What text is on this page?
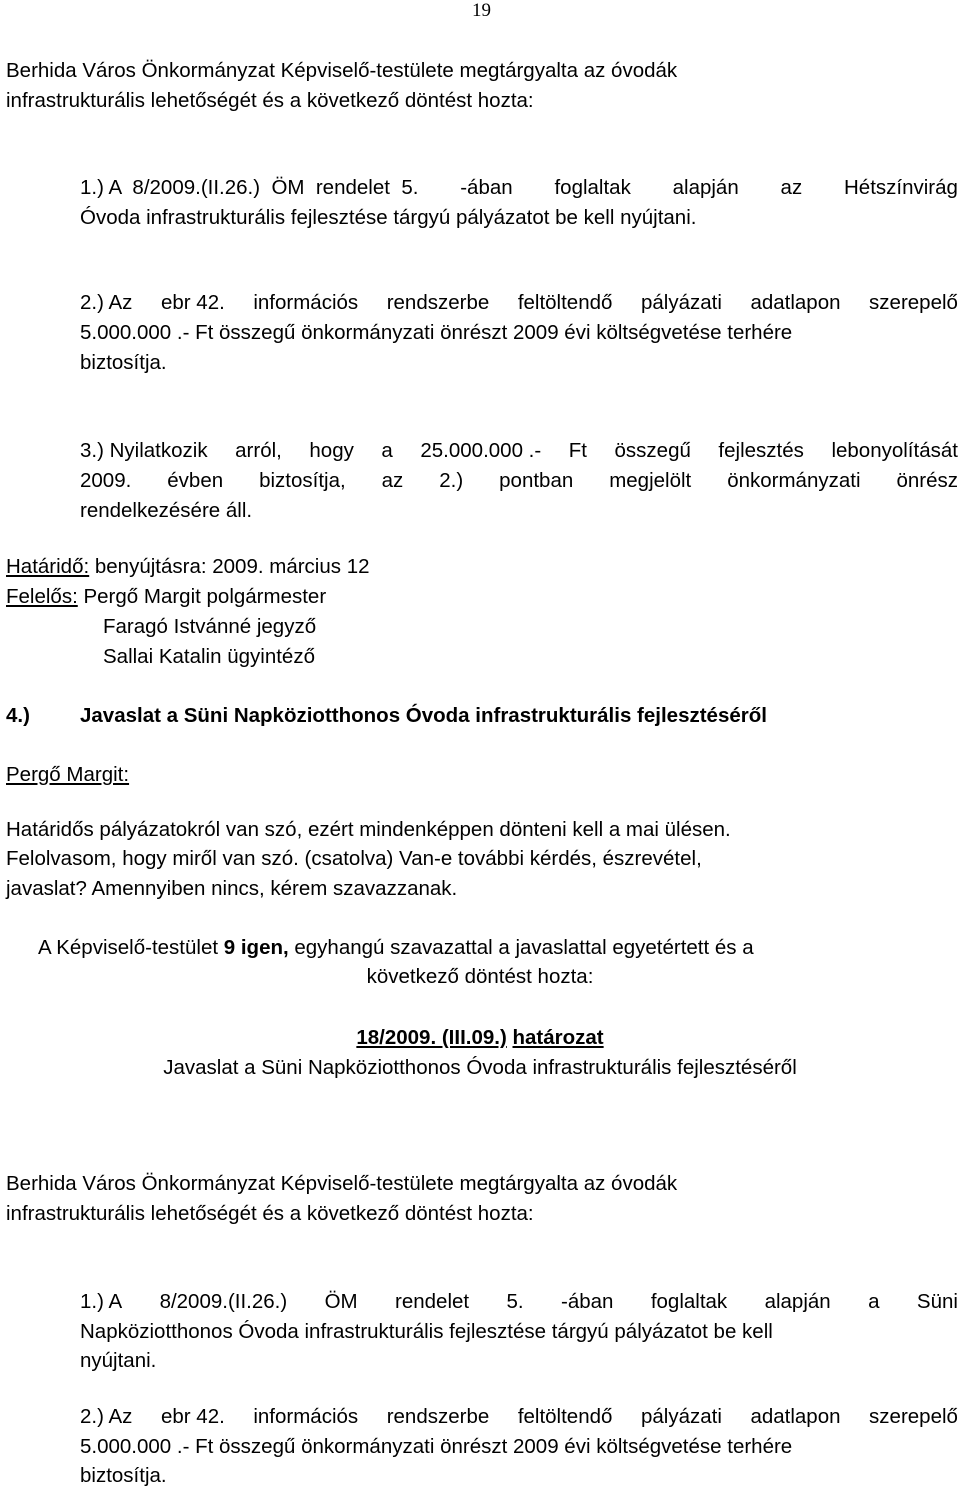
19
Berhida Város Önkormányzat Képviselő-testülete megtárgyalta az óvodák
infrastrukturális lehetőségét és a következő döntést hozta:
1.) A  8/2009.(II.26.)  ÖM  rendelet  5. -ában foglaltak alapján az Hétszínvirág
Óvoda infrastrukturális fejlesztése tárgyú pályázatot be kell nyújtani.
2.) Az ebr 42. információs rendszerbe feltöltendő pályázati adatlapon szerepelő
5.000.000 .- Ft összegű önkormányzati önrészt 2009 évi költségvetése terhére
biztosítja.
3.) Nyilatkozik arról, hogy a 25.000.000 .- Ft összegű fejlesztés lebonyolítását
2009. évben biztosítja, az 2.) pontban megjelölt önkormányzati önrész
rendelkezésére áll.
Határidő: benyújtásra: 2009. március 12
Felelős: Pergő Margit polgármester
Faragó Istvánné jegyző
Sallai Katalin ügyintéző
4.) Javaslat a Süni Napköziotthonos Óvoda infrastrukturális fejlesztéséről
Pergő Margit:
Határidős pályázatokról van szó, ezért mindenképpen dönteni kell a mai ülésen.
Felolvasom, hogy miről van szó. (csatolva) Van-e további kérdés, észrevétel,
javaslat? Amennyiben nincs, kérem szavazzanak.
A Képviselő-testület 9 igen, egyhangú szavazattal a javaslattal egyetértett és a
következő döntést hozta:
18/2009. (III.09.) határozat
Javaslat a Süni Napköziotthonos Óvoda infrastrukturális fejlesztéséről
Berhida Város Önkormányzat Képviselő-testülete megtárgyalta az óvodák
infrastrukturális lehetőségét és a következő döntést hozta:
1.) A 8/2009.(II.26.) ÖM rendelet 5. -ában foglaltak alapján a Süni
Napköziotthonos Óvoda infrastrukturális fejlesztése tárgyú pályázatot be kell
nyújtani.
2.) Az ebr 42. információs rendszerbe feltöltendő pályázati adatlapon szerepelő
5.000.000 .- Ft összegű önkormányzati önrészt 2009 évi költségvetése terhére
biztosítja.
